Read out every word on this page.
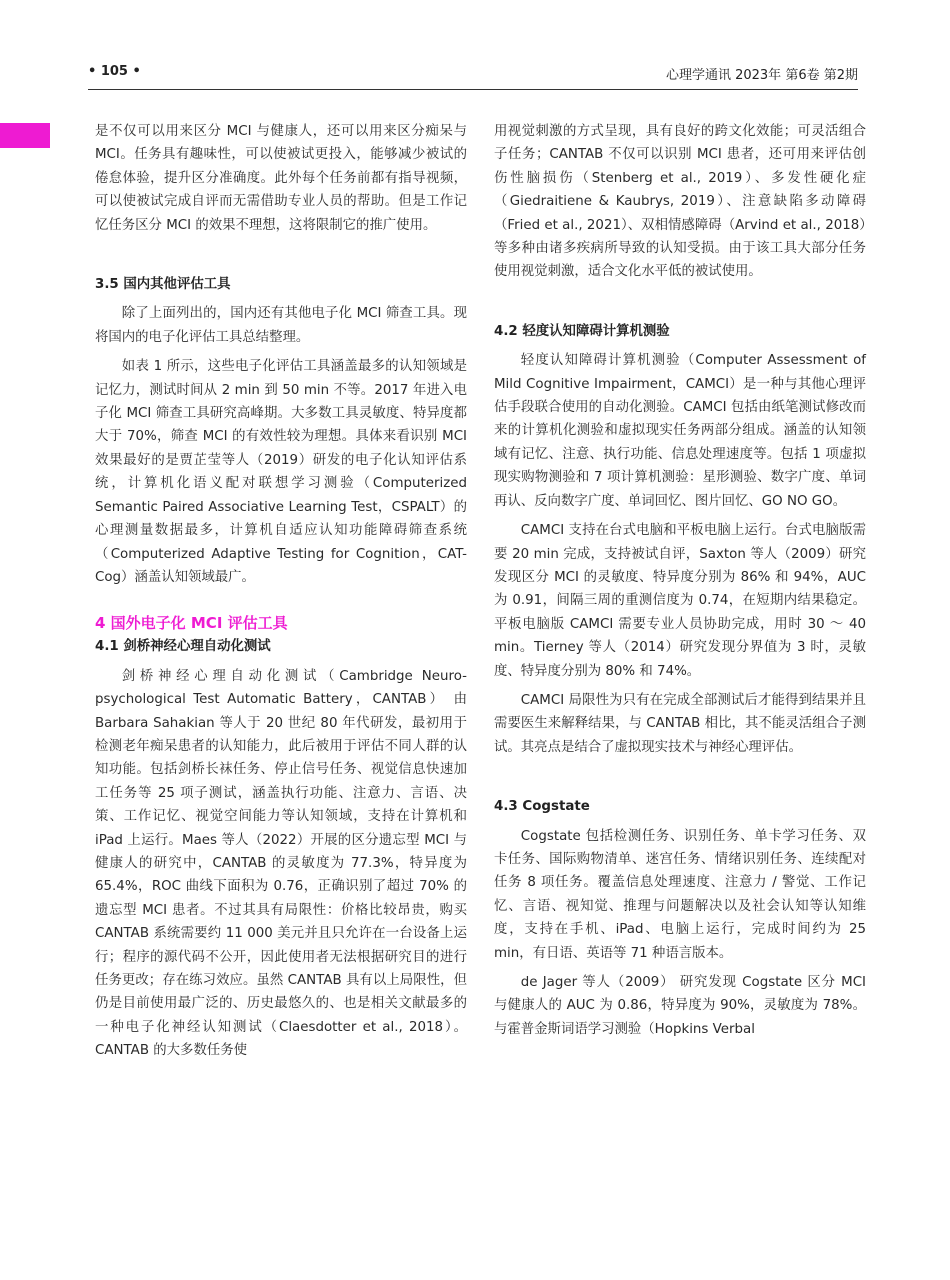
• 105 •	心理学通讯 2023年 第6卷 第2期

是不仅可以用来区分 MCI 与健康人，还可以用来区分痴呆与 MCI。任务具有趣味性，可以使被试更投入，能够减少被试的倦怠体验，提升区分准确度。此外每个任务前都有指导视频，可以使被试完成自评而无需借助专业人员的帮助。但是工作记忆任务区分 MCI 的效果不理想，这将限制它的推广使用。

3.5 国内其他评估工具

除了上面列出的，国内还有其他电子化 MCI 筛查工具。现将国内的电子化评估工具总结整理。

如表 1 所示，这些电子化评估工具涵盖最多的认知领域是记忆力，测试时间从 2 min 到 50 min 不等。2017 年进入电子化 MCI 筛查工具研究高峰期。大多数工具灵敏度、特异度都大于 70%，筛查 MCI 的有效性较为理想。具体来看识别 MCI 效果最好的是贾芷莹等人（2019）研发的电子化认知评估系统，计算机化语义配对联想学习测验（Computerized Semantic Paired Associative Learning Test，CSPALT）的心理测量数据最多，计算机自适应认知功能障碍筛查系统（Computerized Adaptive Testing for Cognition，CAT-Cog）涵盖认知领域最广。

4 国外电子化 MCI 评估工具
4.1 剑桥神经心理自动化测试

剑桥神经心理自动化测试（Cambridge Neuro-psychological Test Automatic Battery，CANTAB） 由 Barbara Sahakian 等人于 20 世纪 80 年代研发，最初用于检测老年痴呆患者的认知能力，此后被用于评估不同人群的认知功能。包括剑桥长袜任务、停止信号任务、视觉信息快速加工任务等 25 项子测试，涵盖执行功能、注意力、言语、决策、工作记忆、视觉空间能力等认知领域，支持在计算机和 iPad 上运行。Maes 等人（2022）开展的区分遗忘型 MCI 与健康人的研究中，CANTAB 的灵敏度为 77.3%，特异度为 65.4%，ROC 曲线下面积为 0.76，正确识别了超过 70% 的遗忘型 MCI 患者。不过其具有局限性：价格比较昂贵，购买 CANTAB 系统需要约 11 000 美元并且只允许在一台设备上运行；程序的源代码不公开，因此使用者无法根据研究目的进行任务更改；存在练习效应。虽然 CANTAB 具有以上局限性，但仍是目前使用最广泛的、历史最悠久的、也是相关文献最多的一种电子化神经认知测试（Claesdotter et al., 2018）。CANTAB 的大多数任务使

用视觉刺激的方式呈现，具有良好的跨文化效能；可灵活组合子任务；CANTAB 不仅可以识别 MCI 患者，还可用来评估创伤性脑损伤（Stenberg et al., 2019）、多发性硬化症（Giedraitiene & Kaubrys, 2019）、注意缺陷多动障碍（Fried et al., 2021）、双相情感障碍（Arvind et al., 2018）等多种由诸多疾病所导致的认知受损。由于该工具大部分任务使用视觉刺激，适合文化水平低的被试使用。

4.2 轻度认知障碍计算机测验

轻度认知障碍计算机测验（Computer Assessment of Mild Cognitive Impairment，CAMCI）是一种与其他心理评估手段联合使用的自动化测验。CAMCI 包括由纸笔测试修改而来的计算机化测验和虚拟现实任务两部分组成。涵盖的认知领域有记忆、注意、执行功能、信息处理速度等。包括 1 项虚拟现实购物测验和 7 项计算机测验：星形测验、数字广度、单词再认、反向数字广度、单词回忆、图片回忆、GO NO GO。

CAMCI 支持在台式电脑和平板电脑上运行。台式电脑版需要 20 min 完成，支持被试自评，Saxton 等人（2009）研究发现区分 MCI 的灵敏度、特异度分别为 86% 和 94%，AUC 为 0.91，间隔三周的重测信度为 0.74，在短期内结果稳定。平板电脑版 CAMCI 需要专业人员协助完成，用时 30 ～ 40 min。Tierney 等人（2014）研究发现分界值为 3 时，灵敏度、特异度分别为 80% 和 74%。

CAMCI 局限性为只有在完成全部测试后才能得到结果并且需要医生来解释结果，与 CANTAB 相比，其不能灵活组合子测试。其亮点是结合了虚拟现实技术与神经心理评估。

4.3 Cogstate

Cogstate 包括检测任务、识别任务、单卡学习任务、双卡任务、国际购物清单、迷宫任务、情绪识别任务、连续配对任务 8 项任务。覆盖信息处理速度、注意力 / 警觉、工作记忆、言语、视知觉、推理与问题解决以及社会认知等认知维度，支持在手机、iPad、电脑上运行，完成时间约为 25 min，有日语、英语等 71 种语言版本。

de Jager 等人（2009） 研究发现 Cogstate 区分 MCI 与健康人的 AUC 为 0.86，特异度为 90%，灵敏度为 78%。与霍普金斯词语学习测验（Hopkins Verbal
